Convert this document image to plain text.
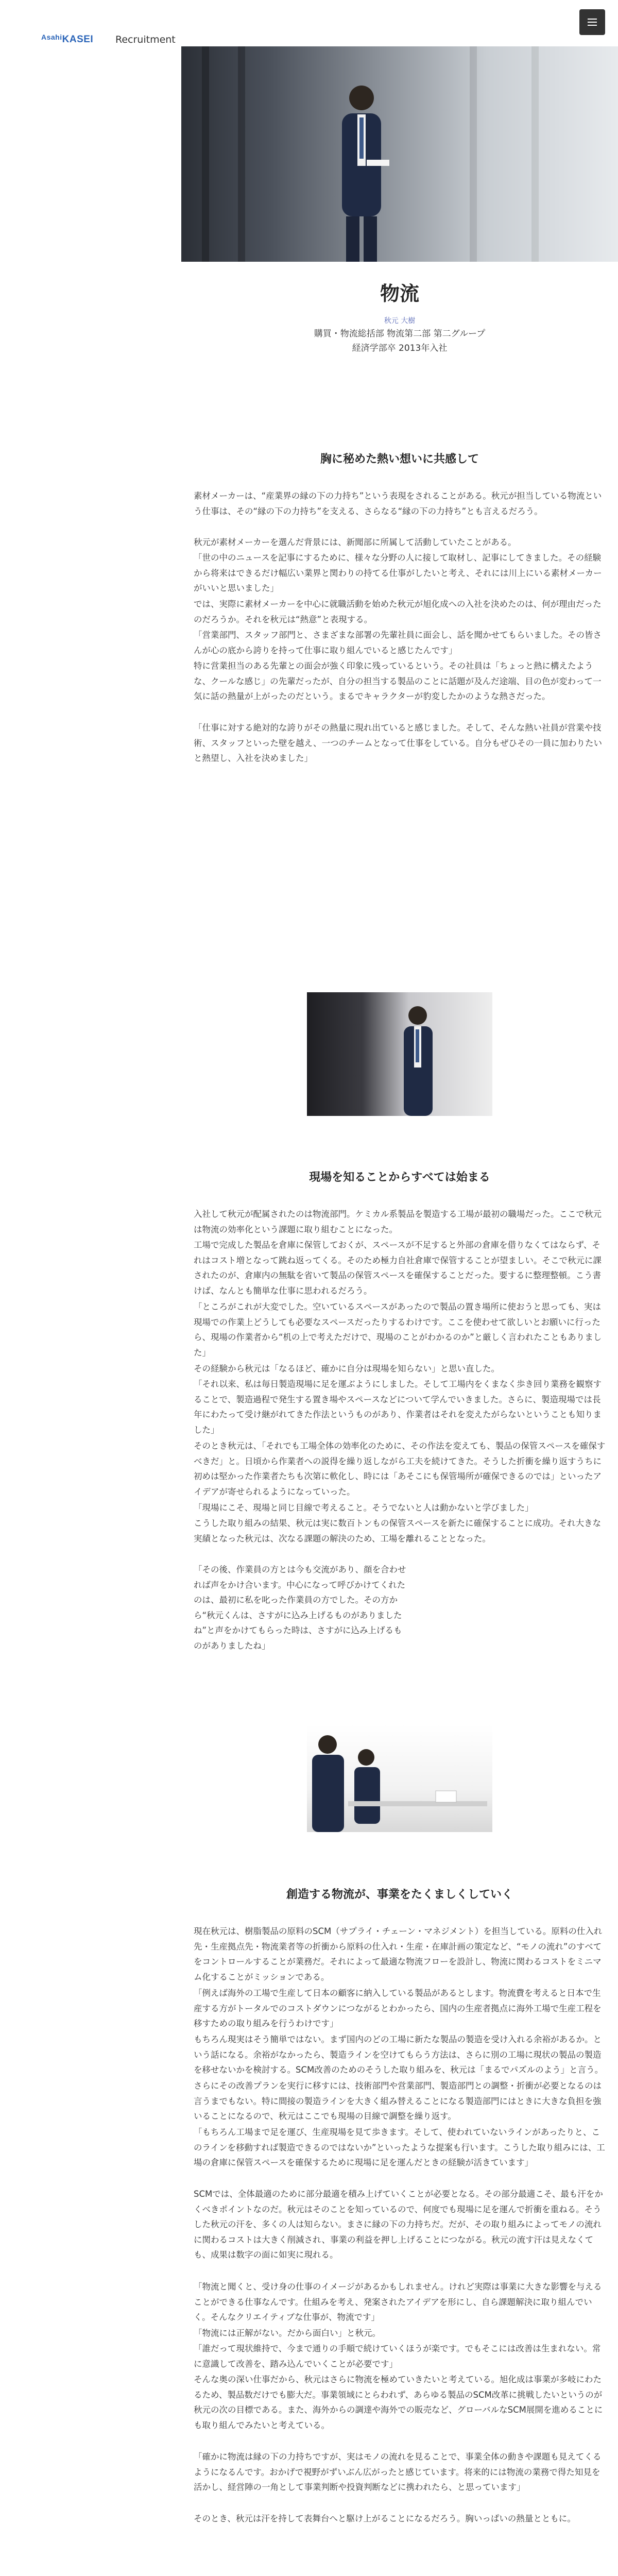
$^{Asahi}$KASEI Recruitment
物流
秋元 大樹
購買・物流総括部 物流第二部 第二グループ
経済学部卒 2013年入社
胸に秘めた熱い想いに共感して

素材メーカーは、“産業界の縁の下の力持ち”という表現をされることがある。秋元が担当している物流という仕事は、その“縁の下の力持ち”を支える、さらなる“縁の下の力持ち”とも言えるだろう。

秋元が素材メーカーを選んだ背景には、新聞部に所属して活動していたことがある。

「世の中のニュースを記事にするために、様々な分野の人に接して取材し、記事にしてきました。その経験から将来はできるだけ幅広い業界と関わりの持てる仕事がしたいと考え、それには川上にいる素材メーカーがいいと思いました」

では、実際に素材メーカーを中心に就職活動を始めた秋元が旭化成への入社を決めたのは、何が理由だったのだろうか。それを秋元は“熱意”と表現する。

「営業部門、スタッフ部門と、さまざまな部署の先輩社員に面会し、話を聞かせてもらいました。その皆さんが心の底から誇りを持って仕事に取り組んでいると感じたんです」

特に営業担当のある先輩との面会が強く印象に残っているという。その社員は「ちょっと熱に構えたような、クールな感じ」の先輩だったが、自分の担当する製品のことに話題が及んだ途端、目の色が変わって一気に話の熱量が上がったのだという。まるでキャラクターが豹変したかのような熱さだった。

「仕事に対する絶対的な誇りがその熱量に現れ出ていると感じました。そして、そんな熱い社員が営業や技術、スタッフといった壁を越え、一つのチームとなって仕事をしている。自分もぜひその一員に加わりたいと熱望し、入社を決めました」

現場を知ることからすべては始まる

入社して秋元が配属されたのは物流部門。ケミカル系製品を製造する工場が最初の職場だった。ここで秋元は物流の効率化という課題に取り組むことになった。

工場で完成した製品を倉庫に保管しておくが、スペースが不足すると外部の倉庫を借りなくてはならず、それはコスト増となって跳ね返ってくる。そのため極力自社倉庫で保管することが望ましい。そこで秋元に課されたのが、倉庫内の無駄を省いて製品の保管スペースを確保することだった。要するに整理整頓。こう書けば、なんとも簡単な仕事に思われるだろう。

「ところがこれが大変でした。空いているスペースがあったので製品の置き場所に使おうと思っても、実は現場での作業上どうしても必要なスペースだったりするわけです。ここを使わせて欲しいとお願いに行ったら、現場の作業者から“机の上で考えただけで、現場のことがわかるのか”と厳しく言われたこともありました」

その経験から秋元は「なるほど、確かに自分は現場を知らない」と思い直した。

「それ以来、私は毎日製造現場に足を運ぶようにしました。そして工場内をくまなく歩き回り業務を観察することで、製造過程で発生する置き場やスペースなどについて学んでいきました。さらに、製造現場では長年にわたって受け継がれてきた作法というものがあり、作業者はそれを変えたがらないということも知りました」

そのとき秋元は、「それでも工場全体の効率化のために、その作法を変えても、製品の保管スペースを確保すべきだ」と。日頃から作業者への説得を繰り返しながら工夫を続けてきた。そうした折衝を繰り返すうちに初めは堅かった作業者たちも次第に軟化し、時には「あそこにも保管場所が確保できるのでは」といったアイデアが寄せられるようになっていった。

「現場にこそ、現場と同じ目線で考えること。そうでないと人は動かないと学びました」

こうした取り組みの結果、秋元は実に数百トンもの保管スペースを新たに確保することに成功。それ大きな実績となった秋元は、次なる課題の解決のため、工場を離れることとなった。

「その後、作業員の方とは今も交流があり、顔を合わせれば声をかけ合います。中心になって呼びかけてくれたのは、最初に私を叱った作業員の方でした。その方から“秋元くんは、さすがに込み上げるものがありましたね”と声をかけてもらった時は、さすがに込み上げるものがありましたね」

創造する物流が、事業をたくましくしていく

現在秋元は、樹脂製品の原料のSCM（サプライ・チェーン・マネジメント）を担当している。原料の仕入れ先・生産拠点先・物流業者等の折衝から原料の仕入れ・生産・在庫計画の策定など、“モノの流れ”のすべてをコントロールすることが業務だ。それによって最適な物流フローを設計し、物流に関わるコストをミニマム化することがミッションである。

「例えば海外の工場で生産して日本の顧客に納入している製品があるとします。物流費を考えると日本で生産する方がトータルでのコストダウンにつながるとわかったら、国内の生産者拠点に海外工場で生産工程を移すための取り組みを行うわけです」

もちろん現実はそう簡単ではない。まず国内のどの工場に新たな製品の製造を受け入れる余裕があるか。という話になる。余裕がなかったら、製造ラインを空けてもらう方法は、さらに別の工場に現状の製品の製造を移せないかを検討する。SCM改善のためのそうした取り組みを、秋元は「まるでパズルのよう」と言う。

さらにその改善プランを実行に移すには、技術部門や営業部門、製造部門との調整・折衝が必要となるのは言うまでもない。特に間接の製造ラインを大きく組み替えることになる製造部門にはときに大きな負担を強いることになるので、秋元はここでも現場の目線で調整を繰り返す。

「もちろん工場まで足を運び、生産現場を見て歩きます。そして、使われていないラインがあったりと、このラインを移動すれば製造できるのではないか”といったような提案も行います。こうした取り組みには、工場の倉庫に保管スペースを確保するために現場に足を運んだときの経験が活きています」

SCMでは、全体最適のために部分最適を積み上げていくことが必要となる。その部分最適こそ、最も汗をかくべきポイントなのだ。秋元はそのことを知っているので、何度でも現場に足を運んで折衝を重ねる。そうした秋元の汗を、多くの人は知らない。まさに縁の下の力持ちだ。だが、その取り組みによってモノの流れに関わるコストは大きく削減され、事業の利益を押し上げることにつながる。秋元の流す汗は見えなくても、成果は数字の面に如実に現れる。

「物流と聞くと、受け身の仕事のイメージがあるかもしれません。けれど実際は事業に大きな影響を与えることができる仕事なんです。仕組みを考え、発案されたアイデアを形にし、自ら課題解決に取り組んでいく。そんなクリエイティブな仕事が、物流です」

「物流には正解がない。だから面白い」と秋元。

「誰だって現状維持で、今まで通りの手順で続けていくほうが楽です。でもそこには改善は生まれない。常に意識して改善を、踏み込んでいくことが必要です」

そんな奥の深い仕事だから、秋元はさらに物流を極めていきたいと考えている。旭化成は事業が多岐にわたるため、製品数だけでも膨大だ。事業領域にとらわれず、あらゆる製品のSCM改革に挑戦したいというのが秋元の次の目標である。また、海外からの調達や海外での販売など、グローバルなSCM展開を進めることにも取り組んでみたいと考えている。

「確かに物流は縁の下の力持ちですが、実はモノの流れを見ることで、事業全体の動きや課題も見えてくるようになるんです。おかげで視野がずいぶん広がったと感じています。将来的には物流の業務で得た知見を活かし、経営陣の一角として事業判断や投資判断などに携われたら、と思っています」

そのとき、秋元は汗を持して表舞台へと駆け上がることになるだろう。胸いっぱいの熱量とともに。
